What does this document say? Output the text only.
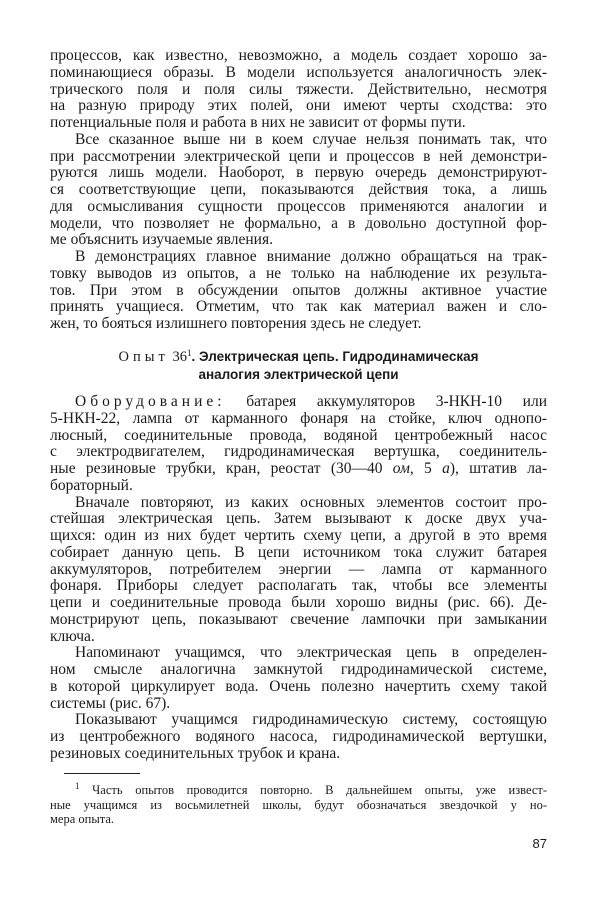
процессов, как известно, невозможно, а модель создает хорошо за-
поминающиеся образы. В модели используется аналогичность элек-
трического поля и поля силы тяжести. Действительно, несмотря
на разную природу этих полей, они имеют черты сходства: это
потенциальные поля и работа в них не зависит от формы пути.
Все сказанное выше ни в коем случае нельзя понимать так, что
при рассмотрении электрической цепи и процессов в ней демонстри-
руются лишь модели. Наоборот, в первую очередь демонстрируют-
ся соответствующие цепи, показываются действия тока, а лишь
для осмысливания сущности процессов применяются аналогии и
модели, что позволяет не формально, а в довольно доступной фор-
ме объяснить изучаемые явления.
В демонстрациях главное внимание должно обращаться на трак-
товку выводов из опытов, а не только на наблюдение их результа-
тов. При этом в обсуждении опытов должны активное участие
принять учащиеся. Отметим, что так как материал важен и сло-
жен, то бояться излишнего повторения здесь не следует.
Опыт $36^1$. Электрическая цепь. Гидродинамическая
аналогия электрической цепи
Оборудование: батарея аккумуляторов 3-НКН-10 или
5-НКН-22, лампа от карманного фонаря на стойке, ключ однопо-
люсный, соединительные провода, водяной центробежный насос
с электродвигателем, гидродинамическая вертушка, соединитель-
ные резиновые трубки, кран, реостат (30—40 ом, 5 а), штатив ла-
бораторный.
Вначале повторяют, из каких основных элементов состоит про-
стейшая электрическая цепь. Затем вызывают к доске двух уча-
щихся: один из них будет чертить схему цепи, а другой в это время
собирает данную цепь. В цепи источником тока служит батарея
аккумуляторов, потребителем энергии — лампа от карманного
фонаря. Приборы следует располагать так, чтобы все элементы
цепи и соединительные провода были хорошо видны (рис. 66). Де-
монстрируют цепь, показывают свечение лампочки при замыкании
ключа.
Напоминают учащимся, что электрическая цепь в определен-
ном смысле аналогична замкнутой гидродинамической системе,
в которой циркулирует вода. Очень полезно начертить схему такой
системы (рис. 67).
Показывают учащимся гидродинамическую систему, состоящую
из центробежного водяного насоса, гидродинамической вертушки,
резиновых соединительных трубок и крана.
$^1$ Часть опытов проводится повторно. В дальнейшем опыты, уже извест-
ные учащимся из восьмилетней школы, будут обозначаться звездочкой у но-
мера опыта.
87
